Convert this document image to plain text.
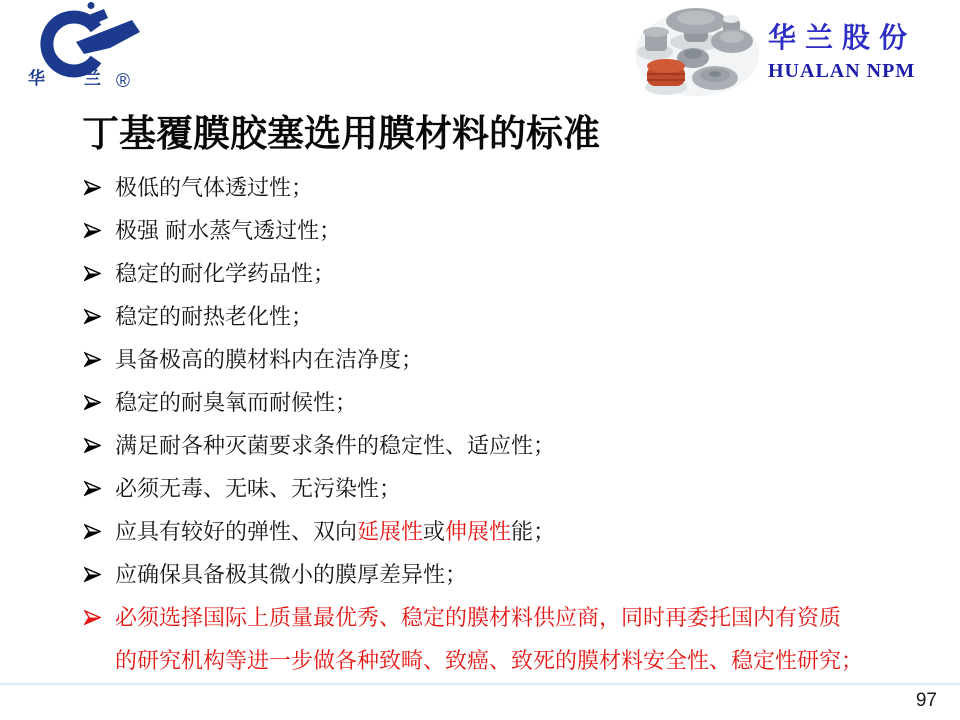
华 兰 ®
华兰股份
HUALAN NPM
丁基覆膜胶塞选用膜材料的标准
极低的气体透过性；
极强 耐水蒸气透过性；
稳定的耐化学药品性；
稳定的耐热老化性；
具备极高的膜材料内在洁净度；
稳定的耐臭氧而耐候性；
满足耐各种灭菌要求条件的稳定性、适应性；
必须无毒、无味、无污染性；
应具有较好的弹性、双向延展性或伸展性能；
应确保具备极其微小的膜厚差异性；
必须选择国际上质量最优秀、稳定的膜材料供应商，同时再委托国内有资质
的研究机构等进一步做各种致畸、致癌、致死的膜材料安全性、稳定性研究；
97
